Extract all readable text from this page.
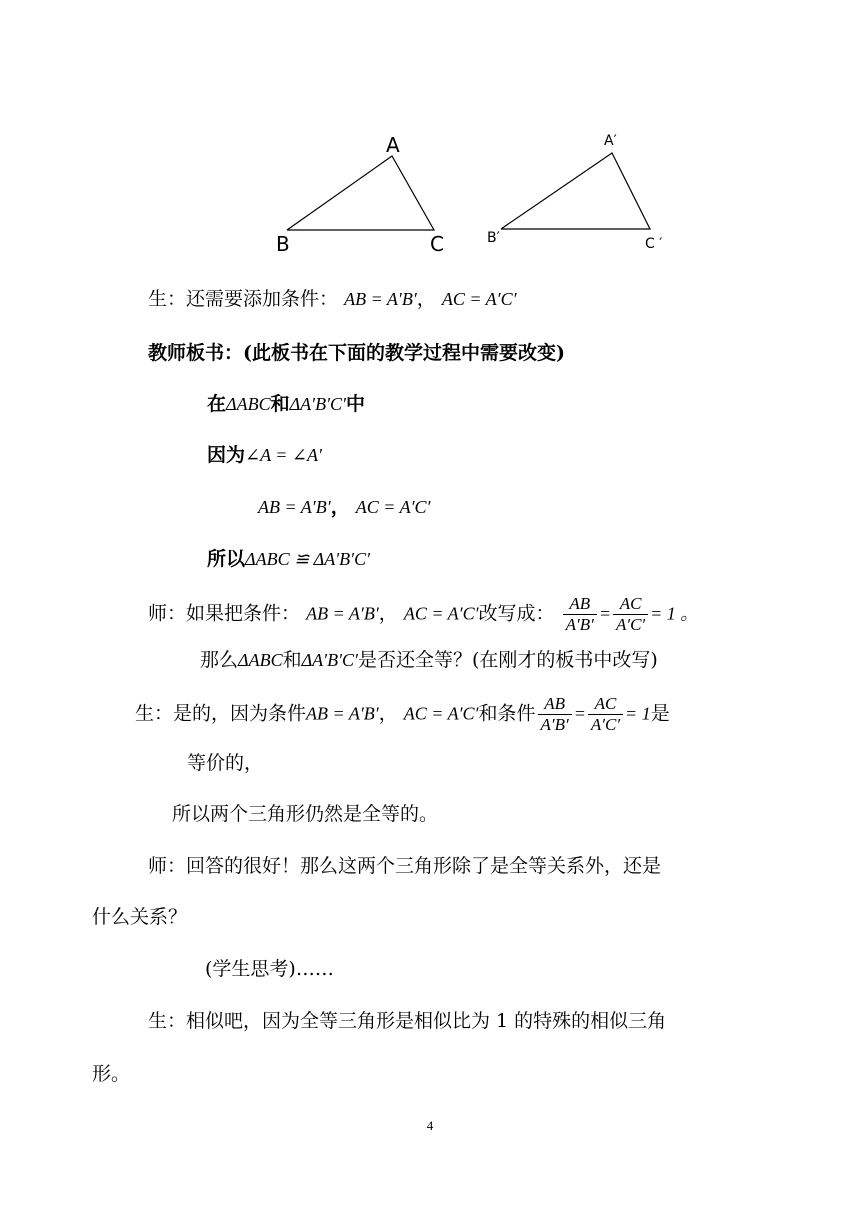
A
B	C
A′
B′	C ′
生：还需要添加条件： AB = A′B′， AC = A′C′
教师板书：(此板书在下面的教学过程中需要改变)
在ΔABC和ΔA′B′C′中
因为∠A = ∠A′
AB = A′B′， AC = A′C′
所以ΔABC ≌ ΔA′B′C′
师：如果把条件： AB = A′B′， AC = A′C′改写成： $\frac{AB}{A'B'} = \frac{AC}{A'C'} = 1$ 。
那么ΔABC和ΔA′B′C′是否还全等？(在刚才的板书中改写)
生：是的，因为条件AB = A′B′， AC = A′C′和条件 $\frac{AB}{A'B'} = \frac{AC}{A'C'} = 1$是
等价的，
所以两个三角形仍然是全等的。
师：回答的很好！那么这两个三角形除了是全等关系外，还是
什么关系？
(学生思考)……
生：相似吧，因为全等三角形是相似比为 1 的特殊的相似三角
形。
4
